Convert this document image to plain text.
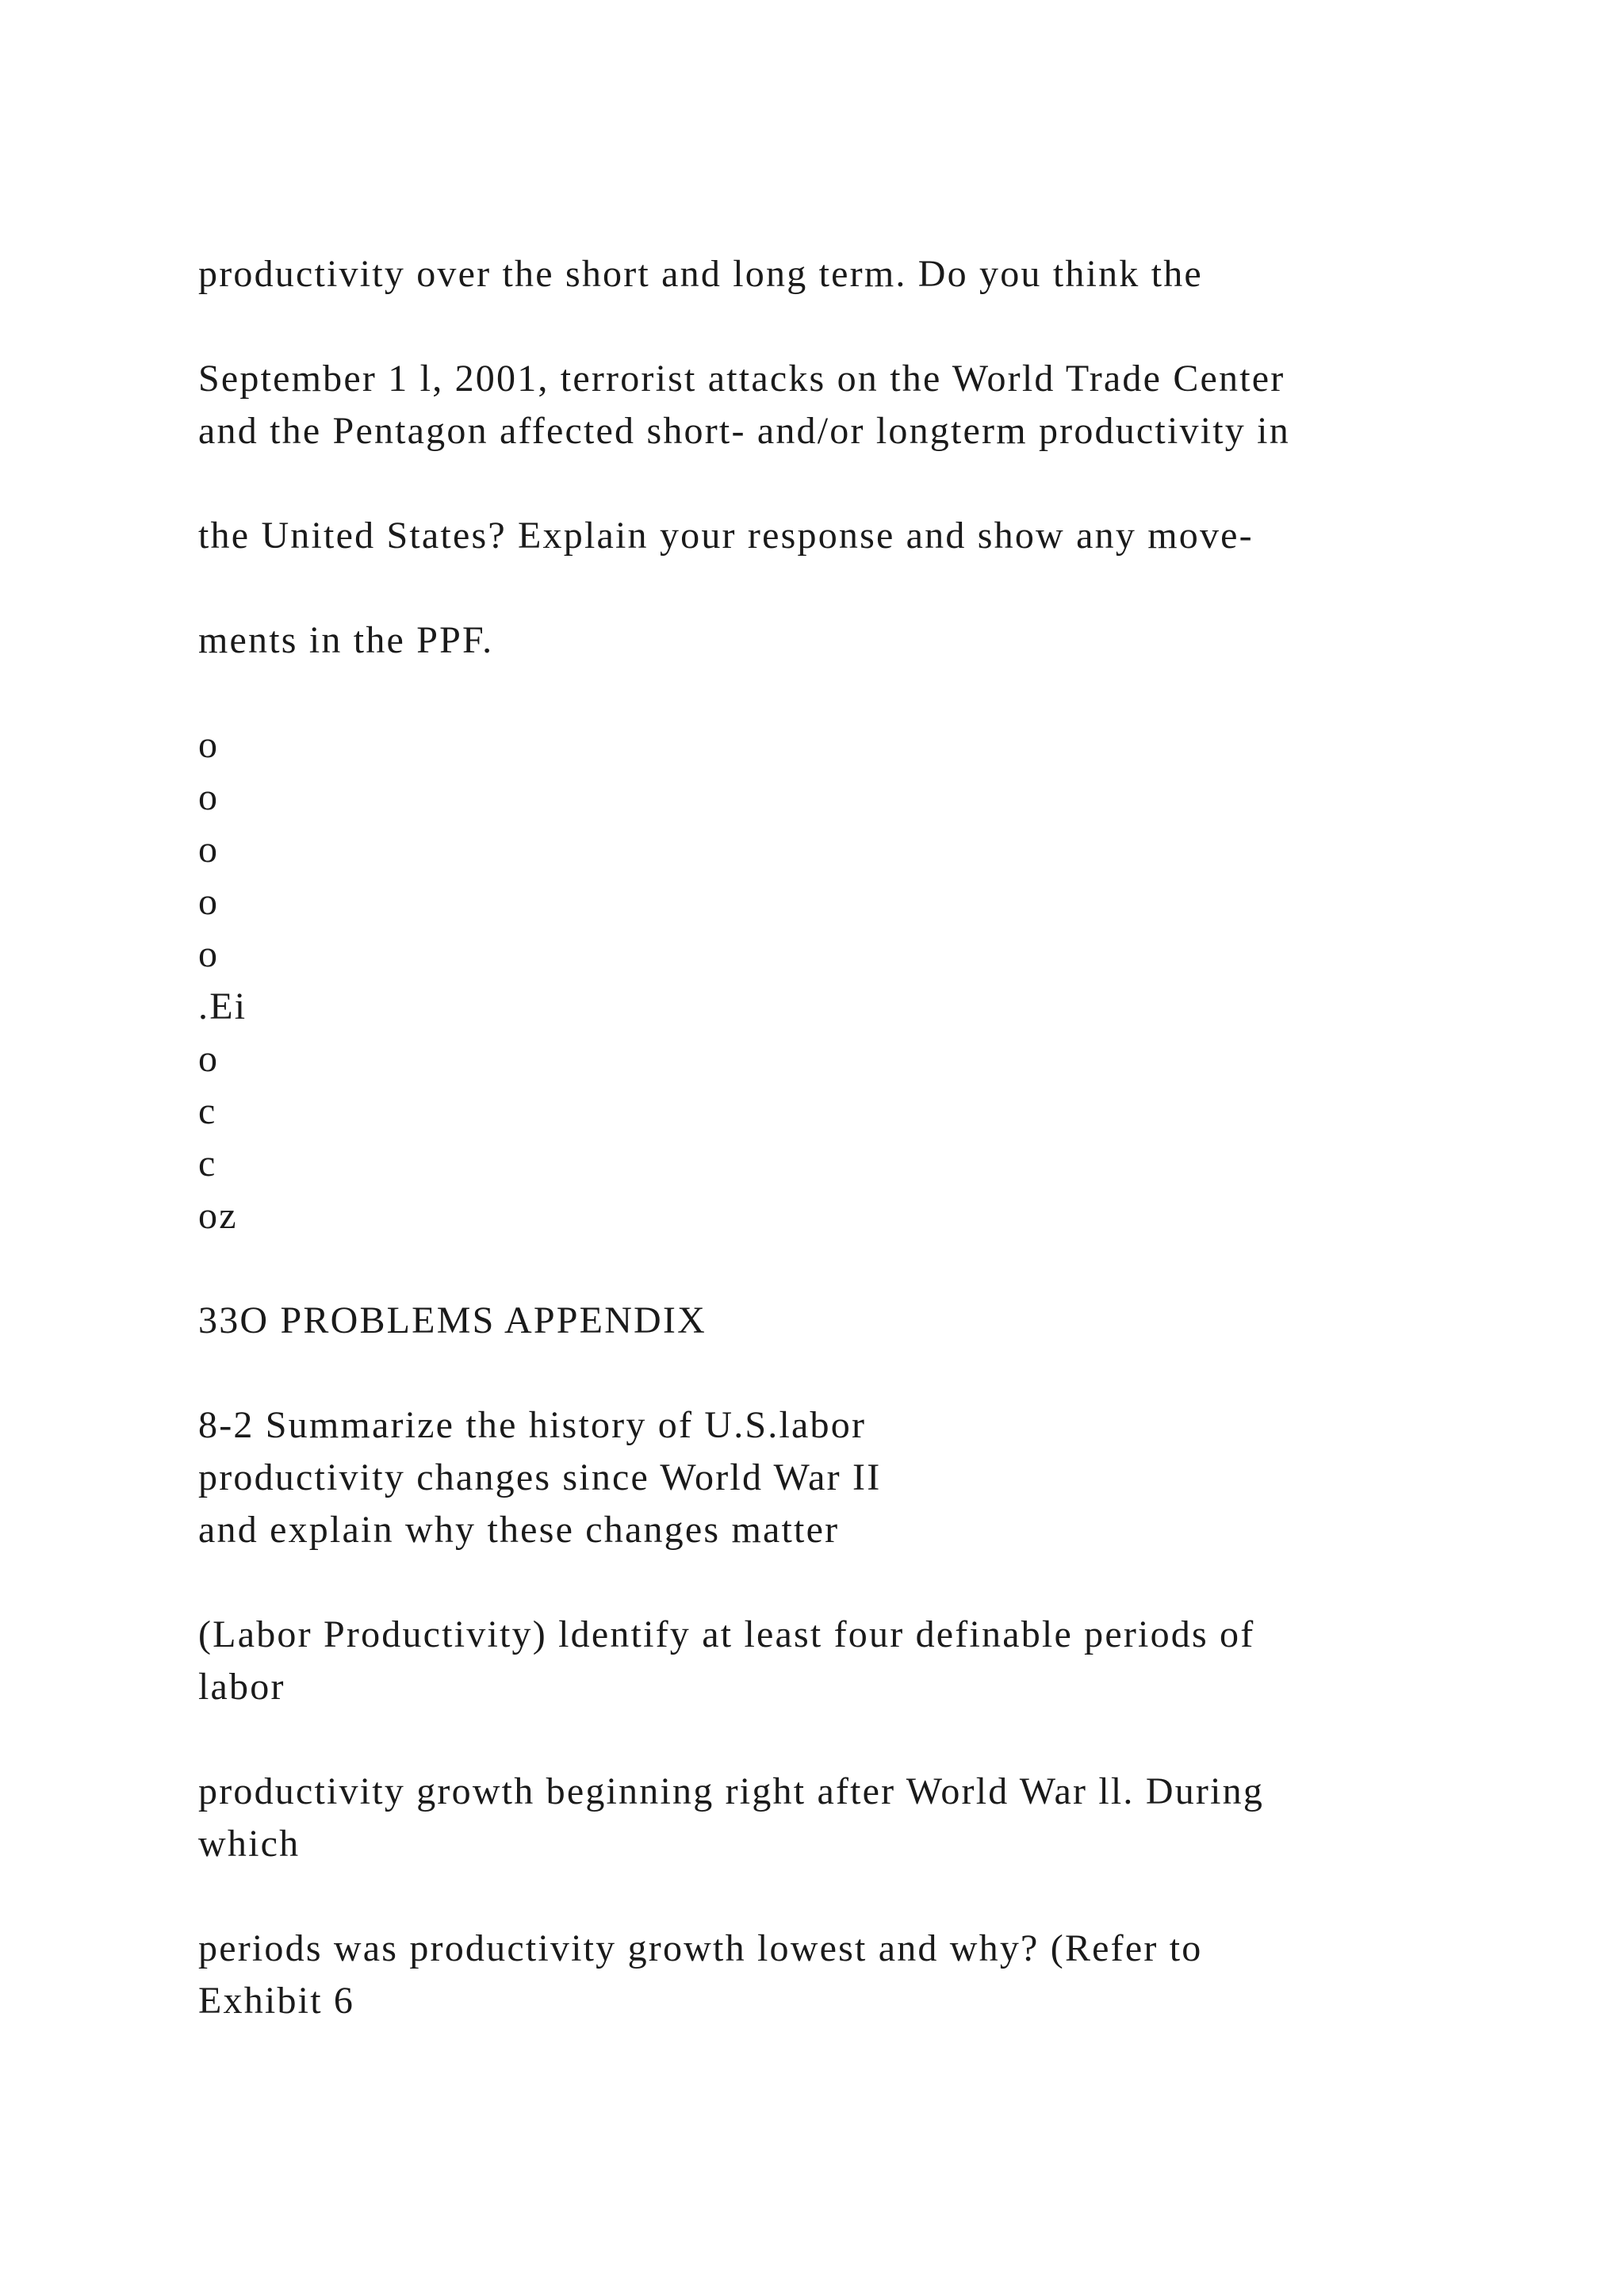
productivity over the short and long term. Do you think the

September 1 l, 2001, terrorist attacks on the World Trade Center

and the Pentagon affected short- and/or longterm productivity in

the United States? Explain your response and show any move-

ments in the PPF.

o

o

o

o

o

.Ei

o

c

c

oz

33O PROBLEMS APPENDIX

8-2 Summarize the history of U.S.labor

productivity changes since World War II

and explain why these changes matter

(Labor Productivity) ldentify at least four definable periods of

labor

productivity growth beginning right after World War ll. During

which

periods was productivity growth lowest and why? (Refer to

Exhibit 6
